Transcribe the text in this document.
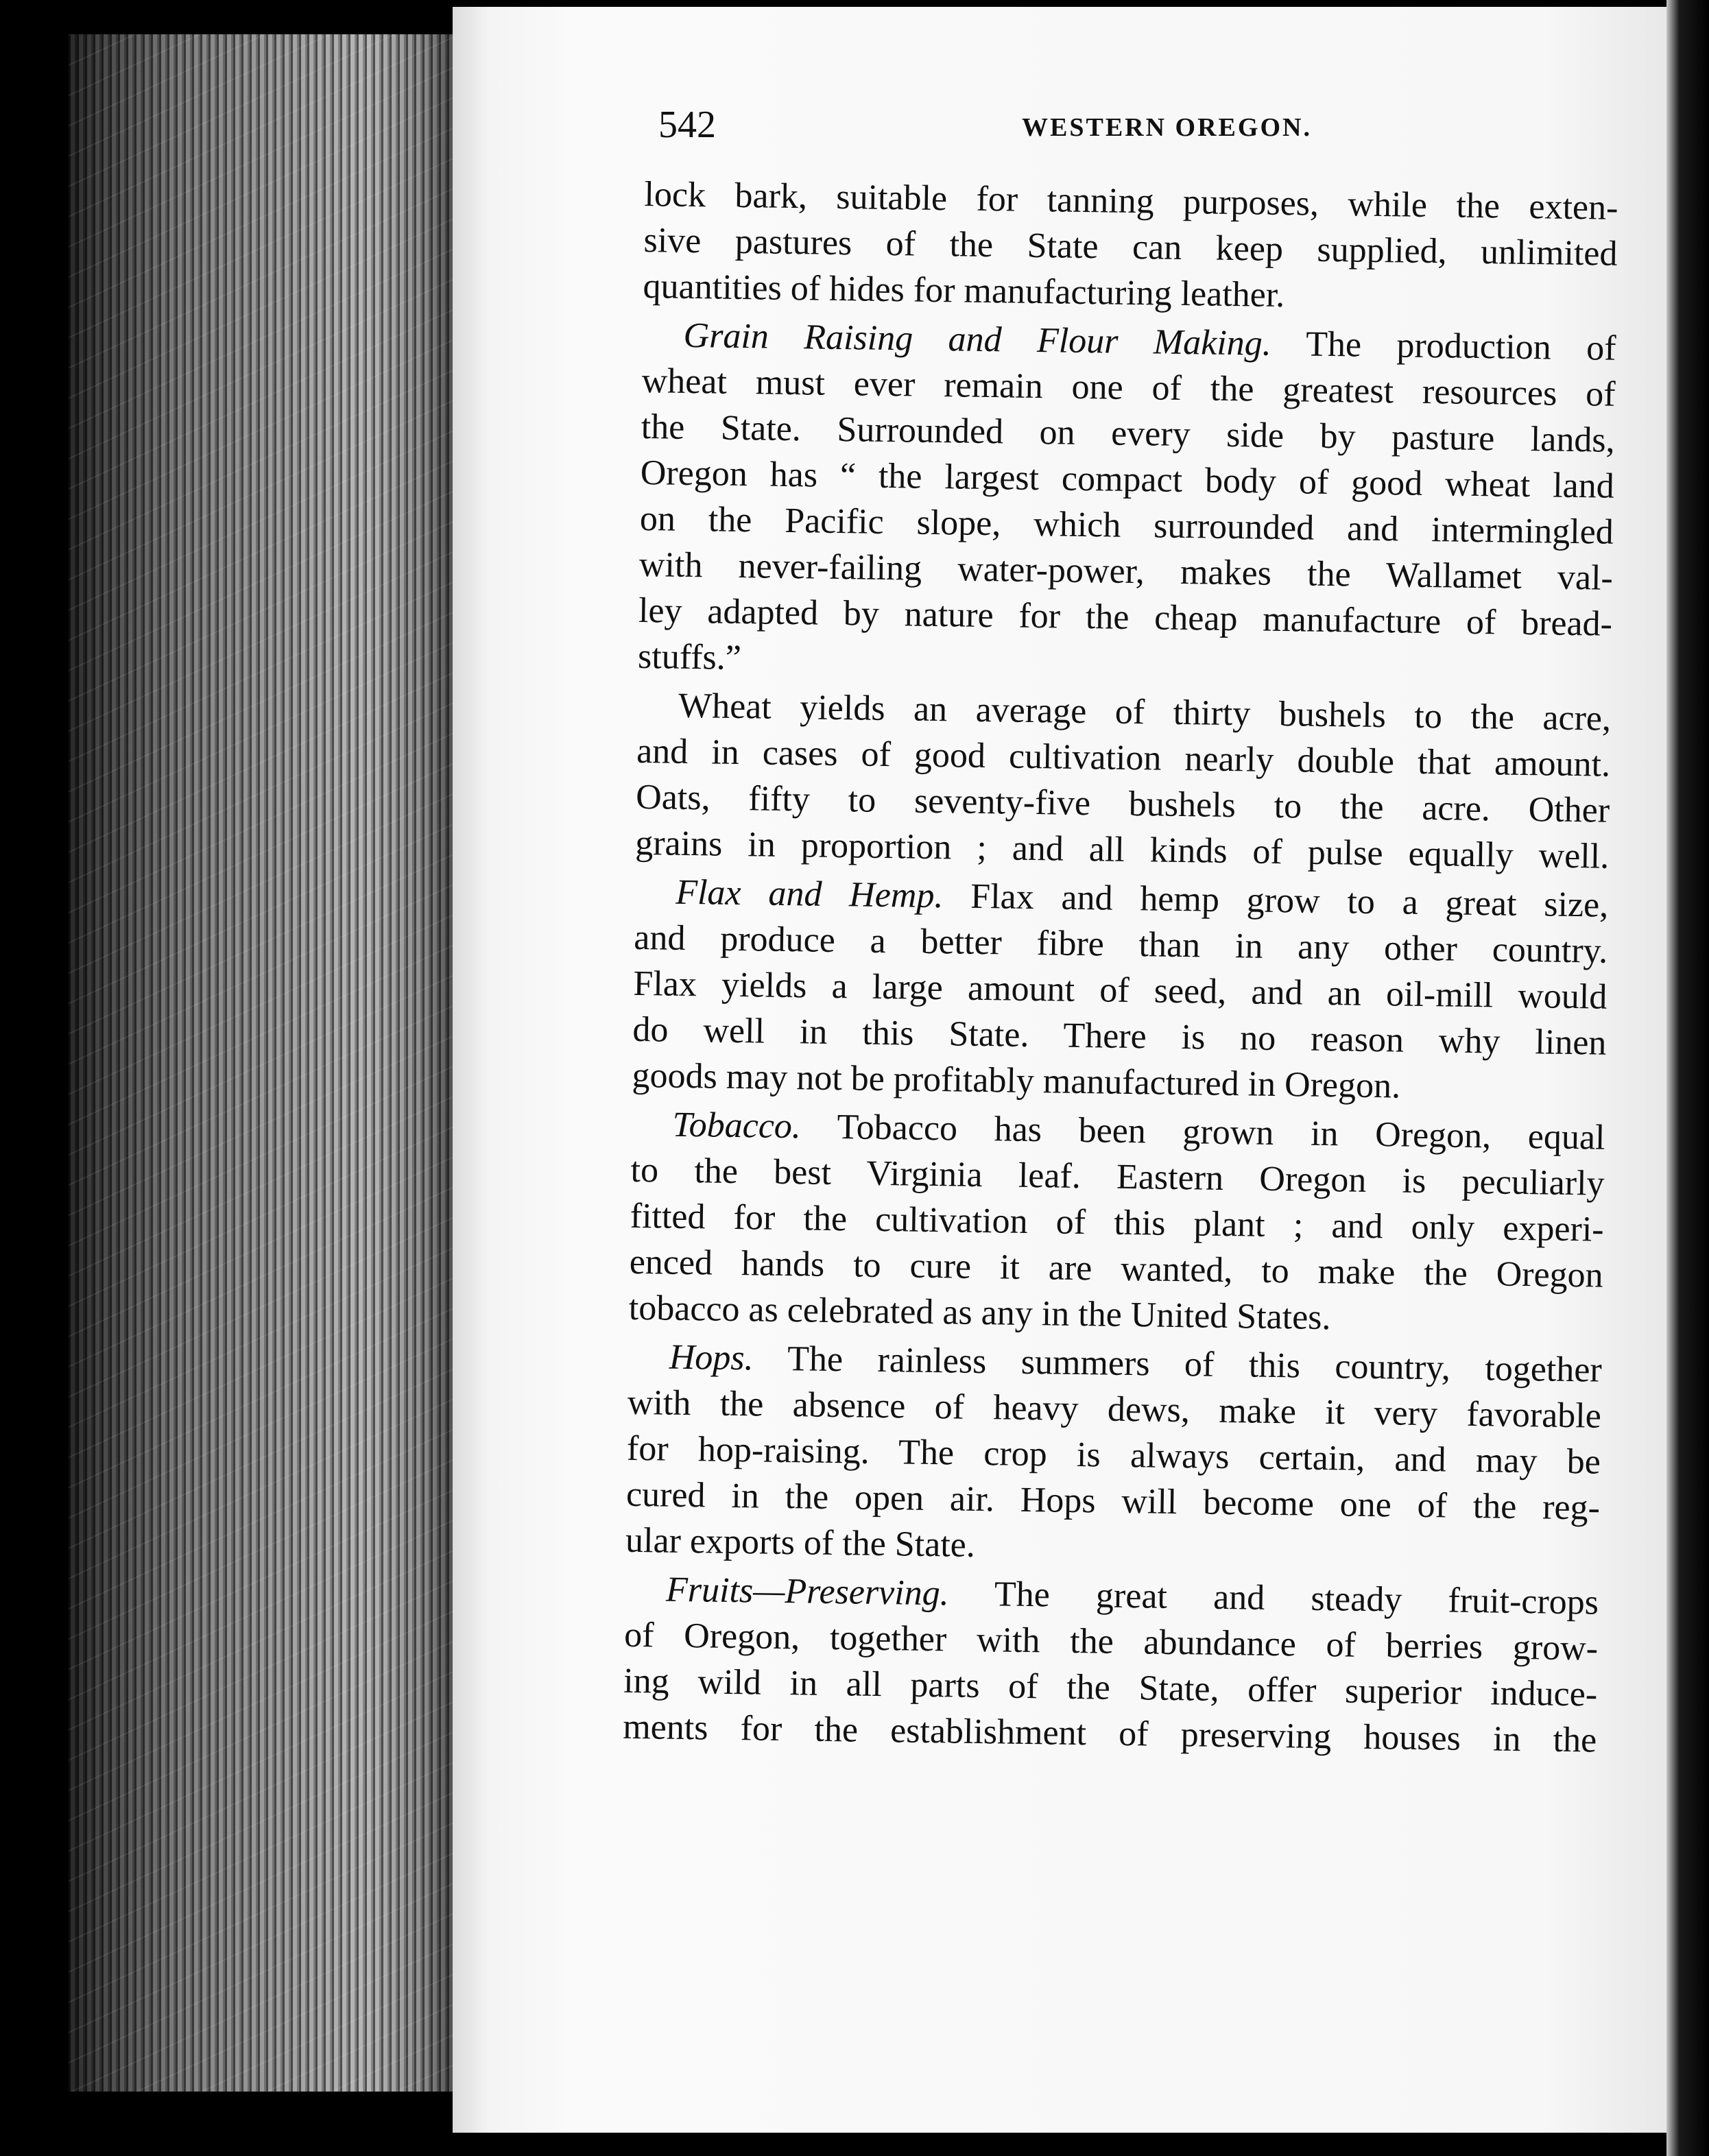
542	WESTERN OREGON.
lock bark, suitable for tanning purposes, while the exten-
sive pastures of the State can keep supplied, unlimited
quantities of hides for manufacturing leather.
Grain Raising and Flour Making. The production of
wheat must ever remain one of the greatest resources of
the State. Surrounded on every side by pasture lands,
Oregon has “ the largest compact body of good wheat land
on the Pacific slope, which surrounded and intermingled
with never-failing water-power, makes the Wallamet val-
ley adapted by nature for the cheap manufacture of bread-
stuffs.”
Wheat yields an average of thirty bushels to the acre,
and in cases of good cultivation nearly double that amount.
Oats, fifty to seventy-five bushels to the acre. Other
grains in proportion ; and all kinds of pulse equally well.
Flax and Hemp. Flax and hemp grow to a great size,
and produce a better fibre than in any other country.
Flax yields a large amount of seed, and an oil-mill would
do well in this State. There is no reason why linen
goods may not be profitably manufactured in Oregon.
Tobacco. Tobacco has been grown in Oregon, equal
to the best Virginia leaf. Eastern Oregon is peculiarly
fitted for the cultivation of this plant ; and only experi-
enced hands to cure it are wanted, to make the Oregon
tobacco as celebrated as any in the United States.
Hops. The rainless summers of this country, together
with the absence of heavy dews, make it very favorable
for hop-raising. The crop is always certain, and may be
cured in the open air. Hops will become one of the reg-
ular exports of the State.
Fruits—Preserving. The great and steady fruit-crops
of Oregon, together with the abundance of berries grow-
ing wild in all parts of the State, offer superior induce-
ments for the establishment of preserving houses in the
